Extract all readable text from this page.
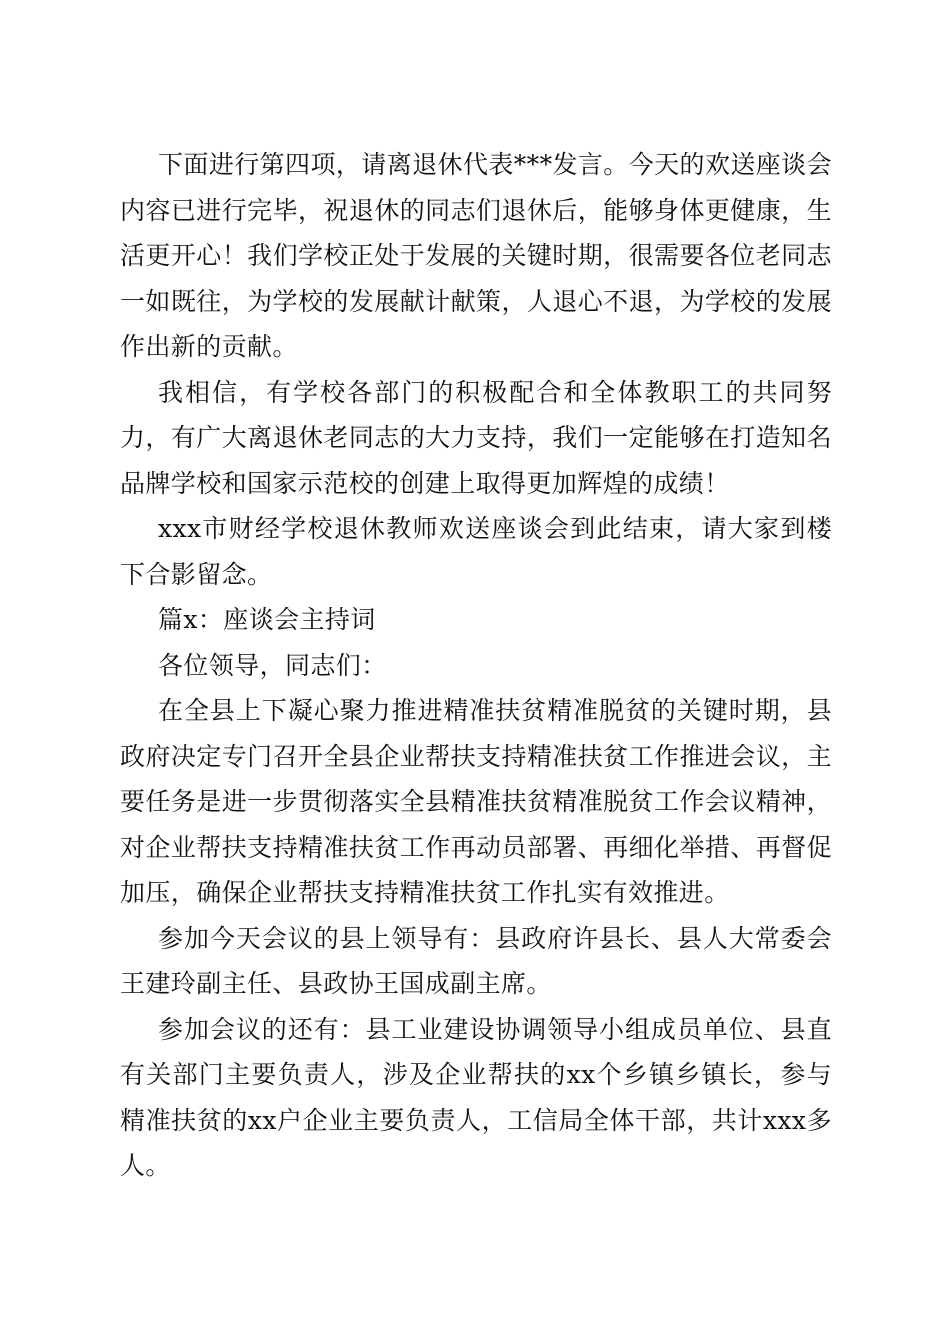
下面进行第四项，请离退休代表***发言。今天的欢送座谈会内容已进行完毕，祝退休的同志们退休后，能够身体更健康，生活更开心！我们学校正处于发展的关键时期，很需要各位老同志一如既往，为学校的发展献计献策，人退心不退，为学校的发展作出新的贡献。

我相信，有学校各部门的积极配合和全体教职工的共同努力，有广大离退休老同志的大力支持，我们一定能够在打造知名品牌学校和国家示范校的创建上取得更加辉煌的成绩！

xxx市财经学校退休教师欢送座谈会到此结束，请大家到楼下合影留念。

篇x：座谈会主持词

各位领导，同志们：

在全县上下凝心聚力推进精准扶贫精准脱贫的关键时期，县政府决定专门召开全县企业帮扶支持精准扶贫工作推进会议，主要任务是进一步贯彻落实全县精准扶贫精准脱贫工作会议精神，对企业帮扶支持精准扶贫工作再动员部署、再细化举措、再督促加压，确保企业帮扶支持精准扶贫工作扎实有效推进。

参加今天会议的县上领导有：县政府许县长、县人大常委会王建玲副主任、县政协王国成副主席。

参加会议的还有：县工业建设协调领导小组成员单位、县直有关部门主要负责人，涉及企业帮扶的xx个乡镇乡镇长，参与精准扶贫的xx户企业主要负责人，工信局全体干部，共计xxx多人。
